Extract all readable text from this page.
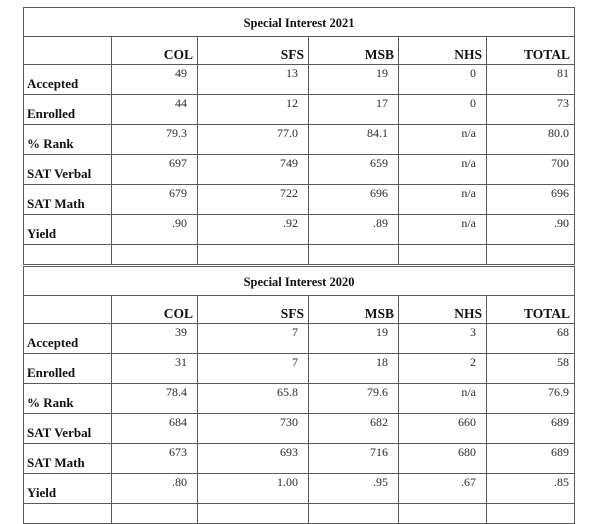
Special Interest 2021					
	COL	SFS	MSB	NHS	TOTAL
Accepted	49	13	19	0	81
Enrolled	44	12	17	0	73
% Rank	79.3	77.0	84.1	n/a	80.0
SAT Verbal	697	749	659	n/a	700
SAT Math	679	722	696	n/a	696
Yield	.90	.92	.89	n/a	.90

Special Interest 2020					
	COL	SFS	MSB	NHS	TOTAL
Accepted	39	7	19	3	68
Enrolled	31	7	18	2	58
% Rank	78.4	65.8	79.6	n/a	76.9
SAT Verbal	684	730	682	660	689
SAT Math	673	693	716	680	689
Yield	.80	1.00	.95	.67	.85
